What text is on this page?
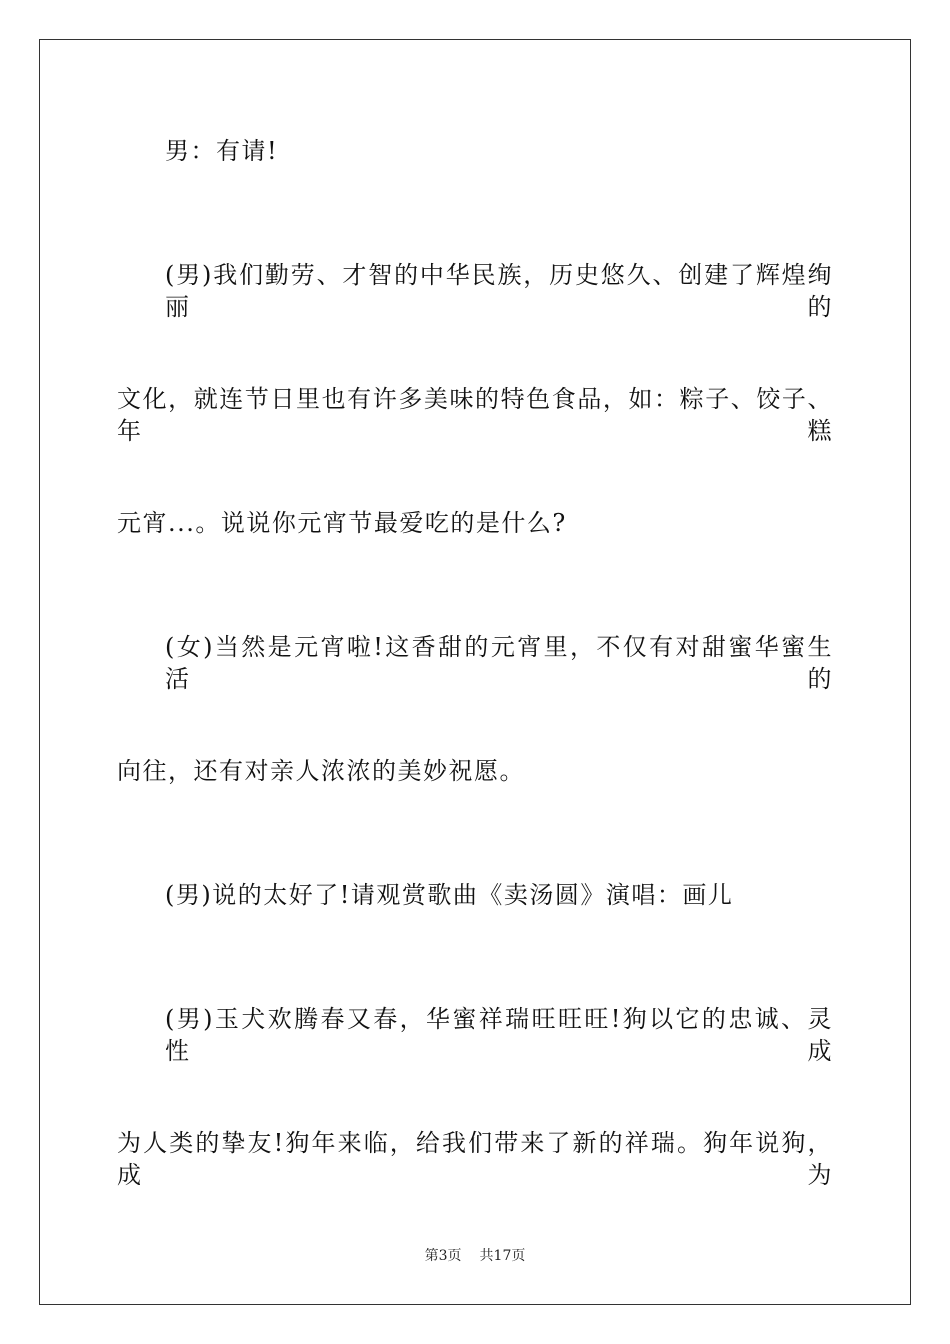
男：有请!
(男)我们勤劳、才智的中华民族，历史悠久、创建了辉煌绚丽的
文化，就连节日里也有许多美味的特色食品，如：粽子、饺子、年糕
元宵...。说说你元宵节最爱吃的是什么?
(女)当然是元宵啦!这香甜的元宵里，不仅有对甜蜜华蜜生活的
向往，还有对亲人浓浓的美妙祝愿。
(男)说的太好了!请观赏歌曲《卖汤圆》演唱：画儿
(男)玉犬欢腾春又春，华蜜祥瑞旺旺旺!狗以它的忠诚、灵性成
为人类的挚友!狗年来临，给我们带来了新的祥瑞。狗年说狗，成为
第3页 共17页
